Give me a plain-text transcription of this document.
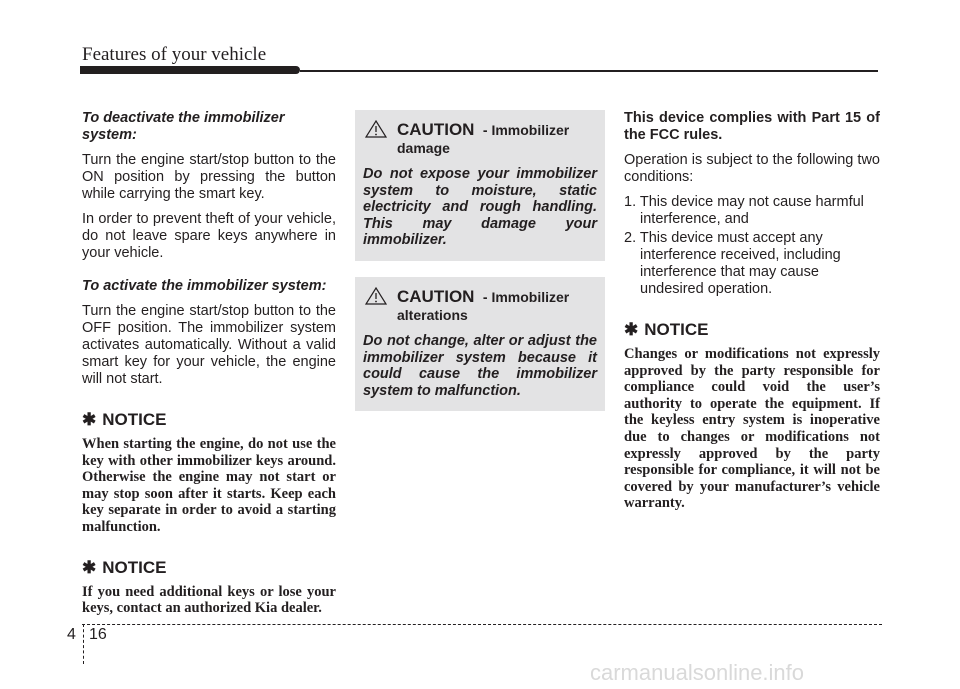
Features of your vehicle

To deactivate the immobilizer system:

Turn the engine start/stop button to the ON position by pressing the button while carrying the smart key.

In order to prevent theft of your vehicle, do not leave spare keys anywhere in your vehicle.

To activate the immobilizer system:

Turn the engine start/stop button to the OFF position. The immobilizer system activates automatically. Without a valid smart key for your vehicle, the engine will not start.

✱ NOTICE

When starting the engine, do not use the key with other immobilizer keys around. Otherwise the engine may not start or may stop soon after it starts. Keep each key separate in order to avoid a starting malfunction.

✱ NOTICE

If you need additional keys or lose your keys, contact an authorized Kia dealer.

CAUTION - Immobilizer damage

Do not expose your immobilizer system to moisture, static electricity and rough handling. This may damage your immobilizer.

CAUTION - Immobilizer alterations

Do not change, alter or adjust the immobilizer system because it could cause the immobilizer system to malfunction.

This device complies with Part 15 of the FCC rules.

Operation is subject to the following two conditions:

1. This device may not cause harmful interference, and
2. This device must accept any interference received, including interference that may cause undesired operation.
✱ NOTICE

Changes or modifications not expressly approved by the party responsible for compliance could void the user’s authority to operate the equipment. If the keyless entry system is inoperative due to changes or modifications not expressly approved by the party responsible for compliance, it will not be covered by your manufacturer’s vehicle warranty.

4 16
carmanualsonline.info
